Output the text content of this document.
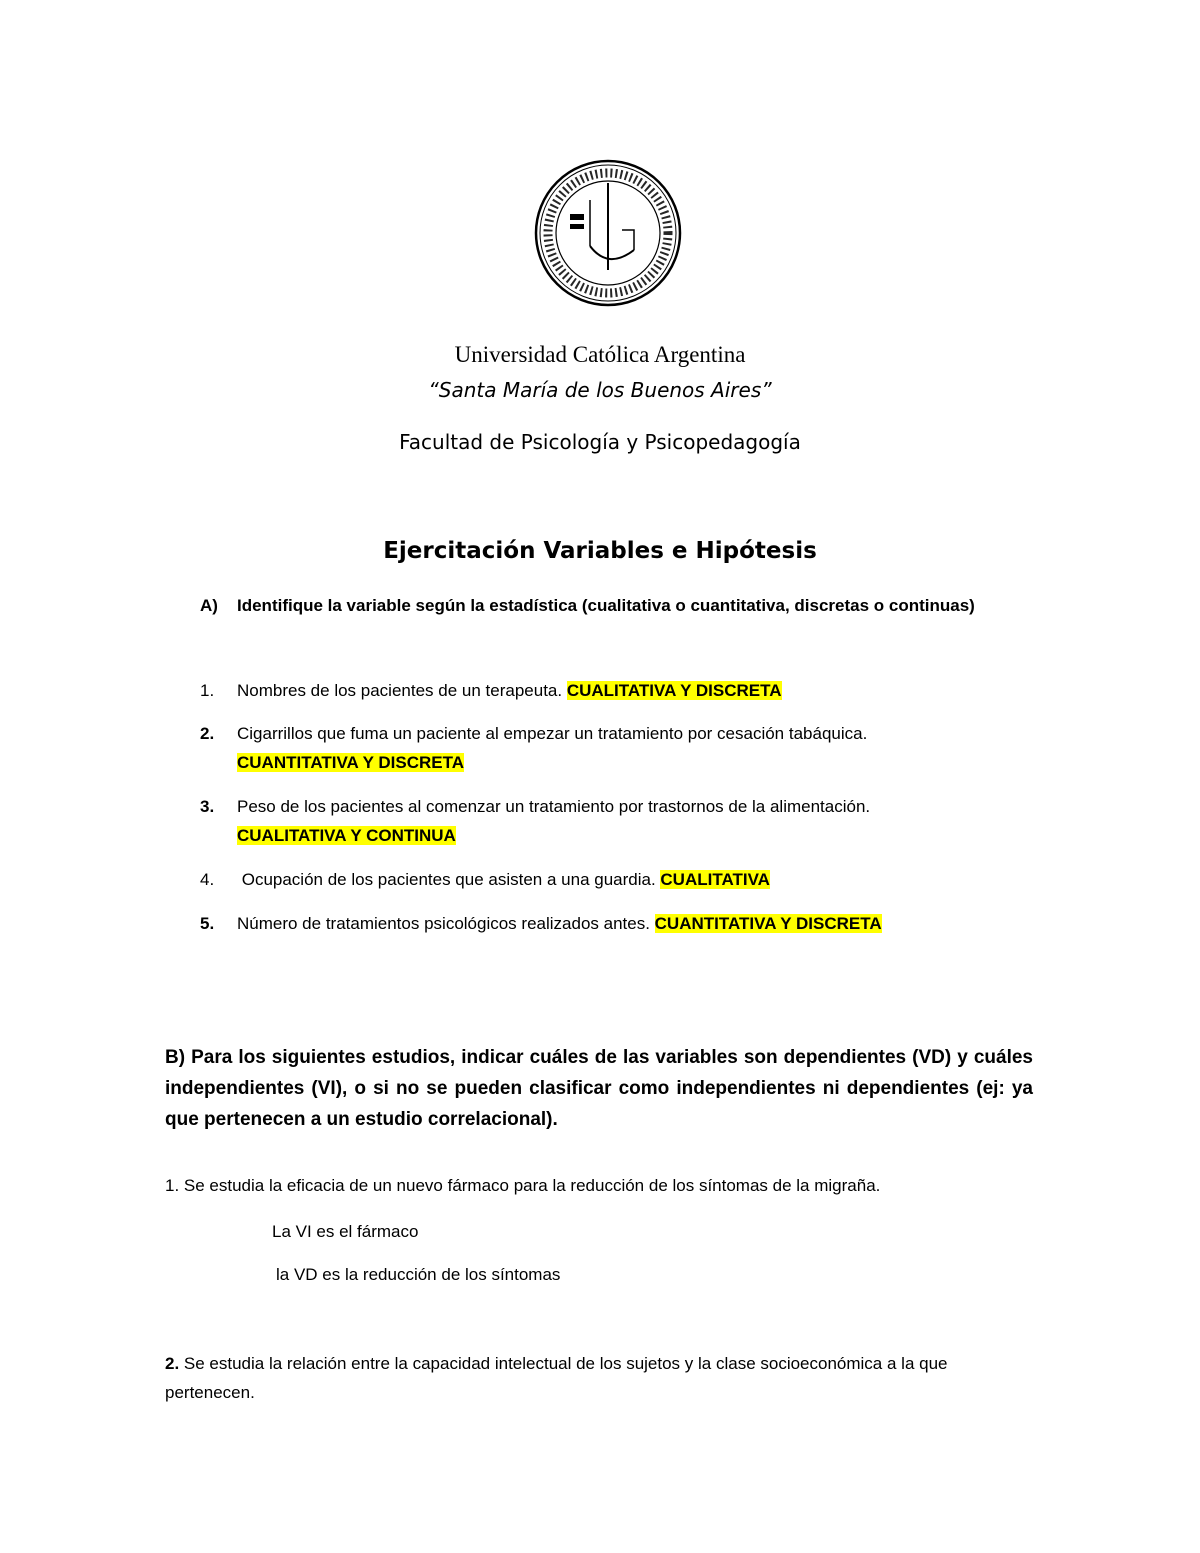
Universidad Católica Argentina
“Santa María de los Buenos Aires”
Facultad de Psicología y Psicopedagogía
Ejercitación Variables e Hipótesis
A) Identifique la variable según la estadística (cualitativa o cuantitativa, discretas o continuas)
1. Nombres de los pacientes de un terapeuta. CUALITATIVA Y DISCRETA
2. Cigarrillos que fuma un paciente al empezar un tratamiento por cesación tabáquica.
CUANTITATIVA Y DISCRETA
3. Peso de los pacientes al comenzar un tratamiento por trastornos de la alimentación.
CUALITATIVA Y CONTINUA
4. Ocupación de los pacientes que asisten a una guardia. CUALITATIVA
5. Número de tratamientos psicológicos realizados antes. CUANTITATIVA Y DISCRETA
B) Para los siguientes estudios, indicar cuáles de las variables son dependientes (VD) y cuáles independientes (VI), o si no se pueden clasificar como independientes ni dependientes (ej: ya que pertenecen a un estudio correlacional).
1. Se estudia la eficacia de un nuevo fármaco para la reducción de los síntomas de la migraña.
La VI es el fármaco
la VD es la reducción de los síntomas
2. Se estudia la relación entre la capacidad intelectual de los sujetos y la clase socioeconómica a la que pertenecen.
